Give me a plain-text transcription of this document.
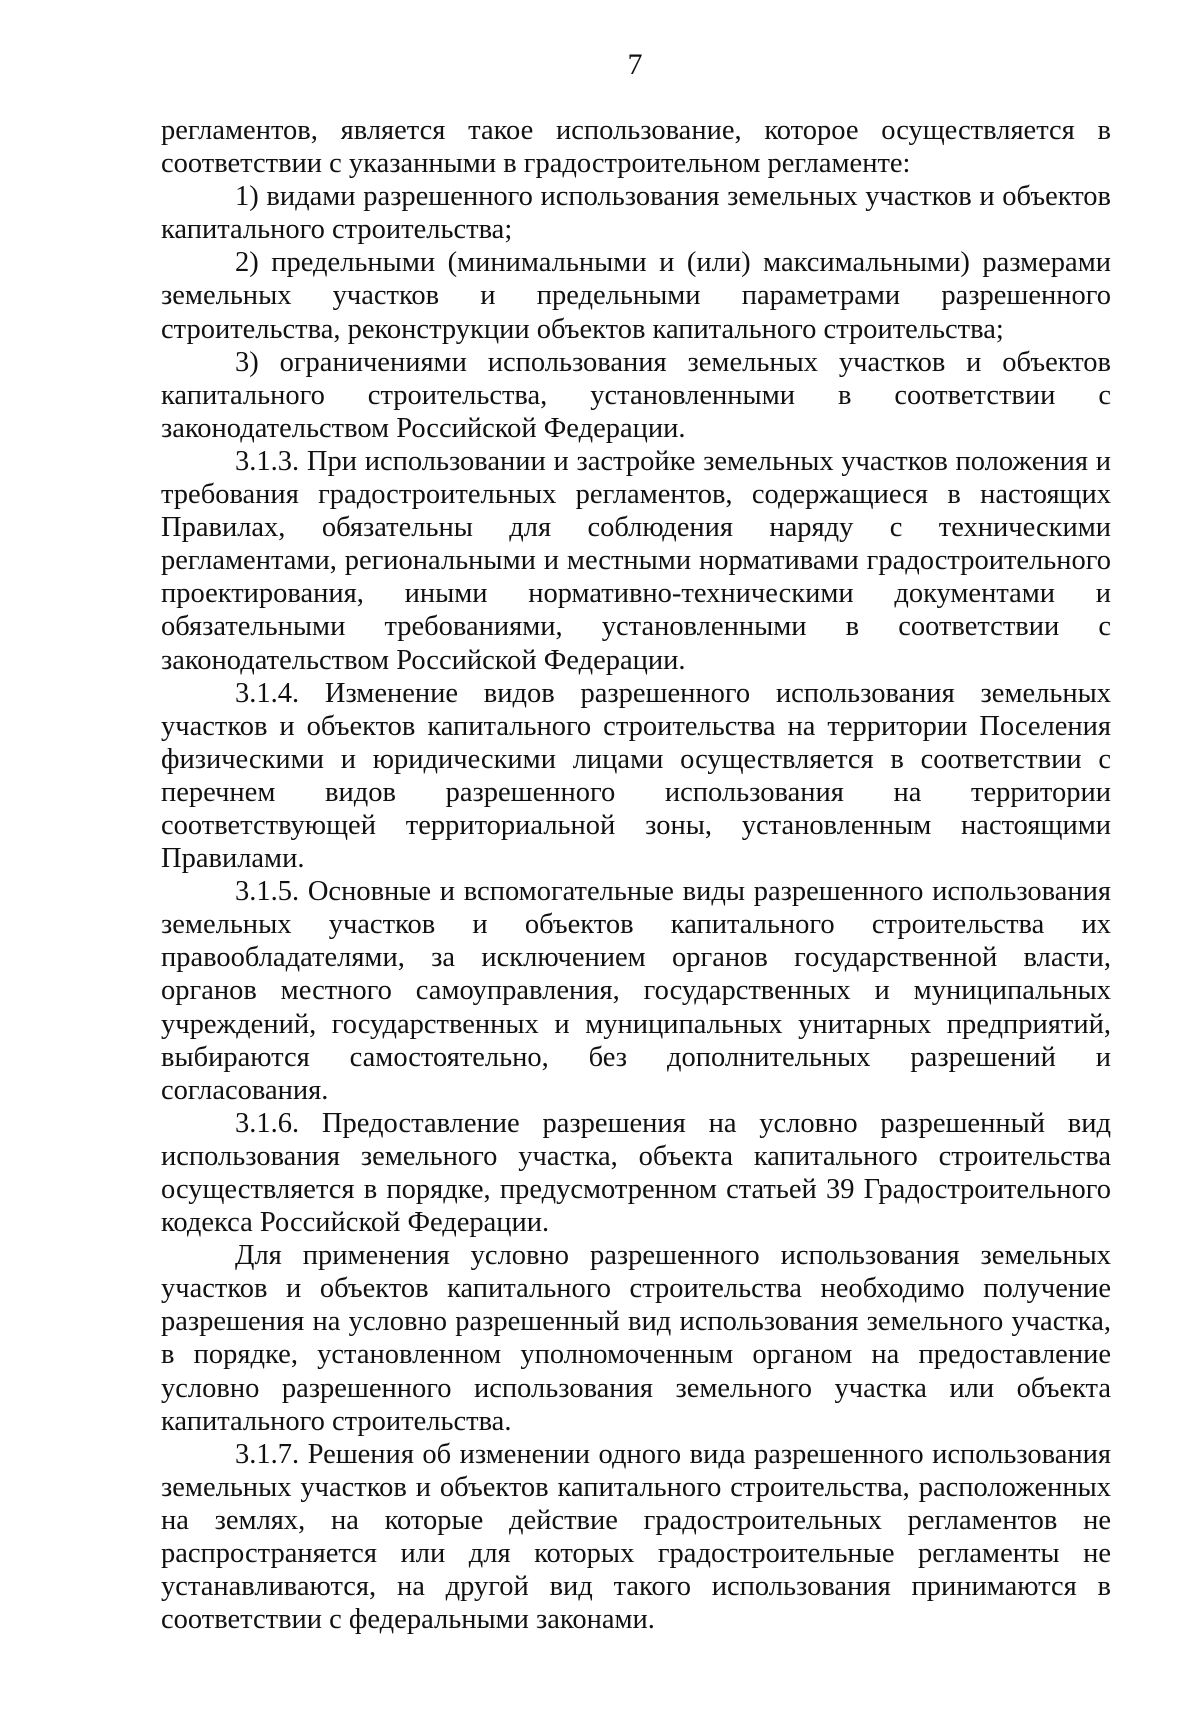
7

регламентов, является такое использование, которое осуществляется в соответствии с указанными в градостроительном регламенте:

1) видами разрешенного использования земельных участков и объектов капитального строительства;

2) предельными (минимальными и (или) максимальными) размерами земельных участков и предельными параметрами разрешенного строительства, реконструкции объектов капитального строительства;

3) ограничениями использования земельных участков и объектов капитального строительства, установленными в соответствии с законодательством Российской Федерации.

3.1.3. При использовании и застройке земельных участков положения и требования градостроительных регламентов, содержащиеся в настоящих Правилах, обязательны для соблюдения наряду с техническими регламентами, региональными и местными нормативами градостроительного проектирования, иными нормативно-техническими документами и обязательными требованиями, установленными в соответствии с законодательством Российской Федерации.

3.1.4. Изменение видов разрешенного использования земельных участков и объектов капитального строительства на территории Поселения физическими и юридическими лицами осуществляется в соответствии с перечнем видов разрешенного использования на территории соответствующей территориальной зоны, установленным настоящими Правилами.

3.1.5. Основные и вспомогательные виды разрешенного использования земельных участков и объектов капитального строительства их правообладателями, за исключением органов государственной власти, органов местного самоуправления, государственных и муниципальных учреждений, государственных и муниципальных унитарных предприятий, выбираются самостоятельно, без дополнительных разрешений и согласования.

3.1.6. Предоставление разрешения на условно разрешенный вид использования земельного участка, объекта капитального строительства осуществляется в порядке, предусмотренном статьей 39 Градостроительного кодекса Российской Федерации.

Для применения условно разрешенного использования земельных участков и объектов капитального строительства необходимо получение разрешения на условно разрешенный вид использования земельного участка, в порядке, установленном уполномоченным органом на предоставление условно разрешенного использования земельного участка или объекта капитального строительства.

3.1.7. Решения об изменении одного вида разрешенного использования земельных участков и объектов капитального строительства, расположенных на землях, на которые действие градостроительных регламентов не распространяется или для которых градостроительные регламенты не устанавливаются, на другой вид такого использования принимаются в соответствии с федеральными законами.
